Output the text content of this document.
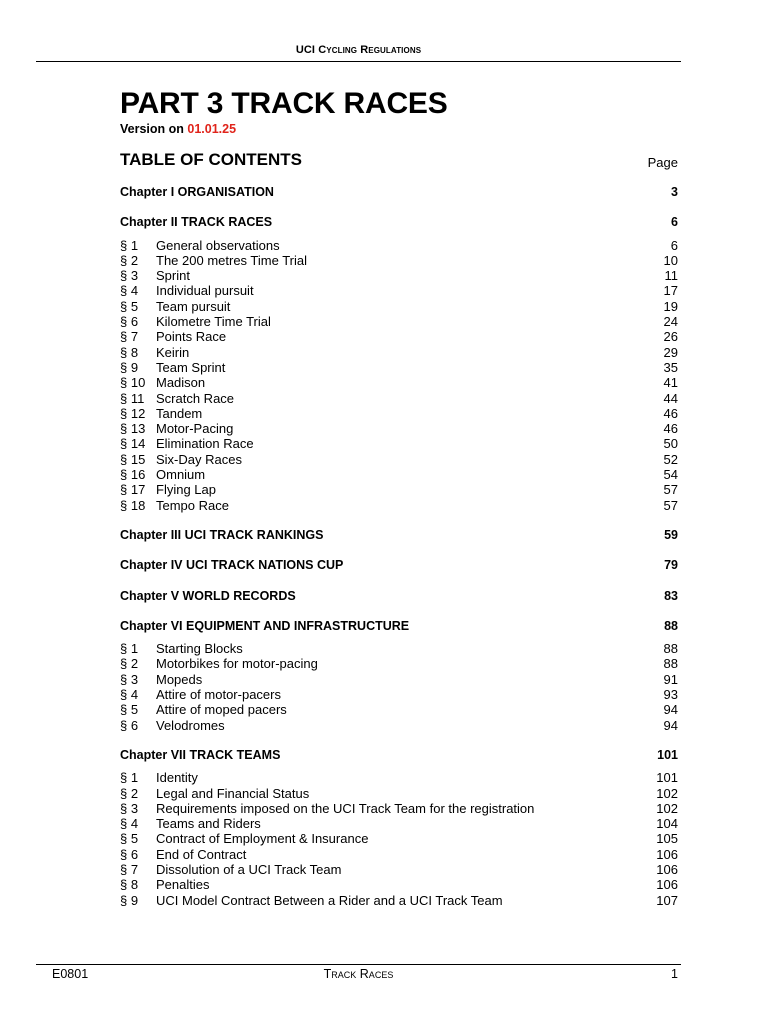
UCI Cycling Regulations
PART 3 TRACK RACES
Version on 01.01.25
TABLE OF CONTENTS	Page
Chapter I ORGANISATION	3
Chapter II TRACK RACES	6
§ 1	General observations	6
§ 2	The 200 metres Time Trial	10
§ 3	Sprint	11
§ 4	Individual pursuit	17
§ 5	Team pursuit	19
§ 6	Kilometre Time Trial	24
§ 7	Points Race	26
§ 8	Keirin	29
§ 9	Team Sprint	35
§ 10 Madison	41
§ 11 Scratch Race	44
§ 12 Tandem	46
§ 13 Motor-Pacing	46
§ 14 Elimination Race	50
§ 15 Six-Day Races	52
§ 16 Omnium	54
§ 17 Flying Lap	57
§ 18 Tempo Race	57
Chapter III UCI TRACK RANKINGS	59
Chapter IV UCI TRACK NATIONS CUP	79
Chapter V WORLD RECORDS	83
Chapter VI EQUIPMENT AND INFRASTRUCTURE	88
§ 1	Starting Blocks	88
§ 2	Motorbikes for motor-pacing	88
§ 3	Mopeds	91
§ 4	Attire of motor-pacers	93
§ 5	Attire of moped pacers	94
§ 6	Velodromes	94
Chapter VII TRACK TEAMS	101
§ 1	Identity	101
§ 2	Legal and Financial Status	102
§ 3	Requirements imposed on the UCI Track Team for the registration	102
§ 4	Teams and Riders	104
§ 5	Contract of Employment & Insurance	105
§ 6	End of Contract	106
§ 7	Dissolution of a UCI Track Team	106
§ 8	Penalties	106
§ 9	UCI Model Contract Between a Rider and a UCI Track Team	107
E0801	Track Races	1
